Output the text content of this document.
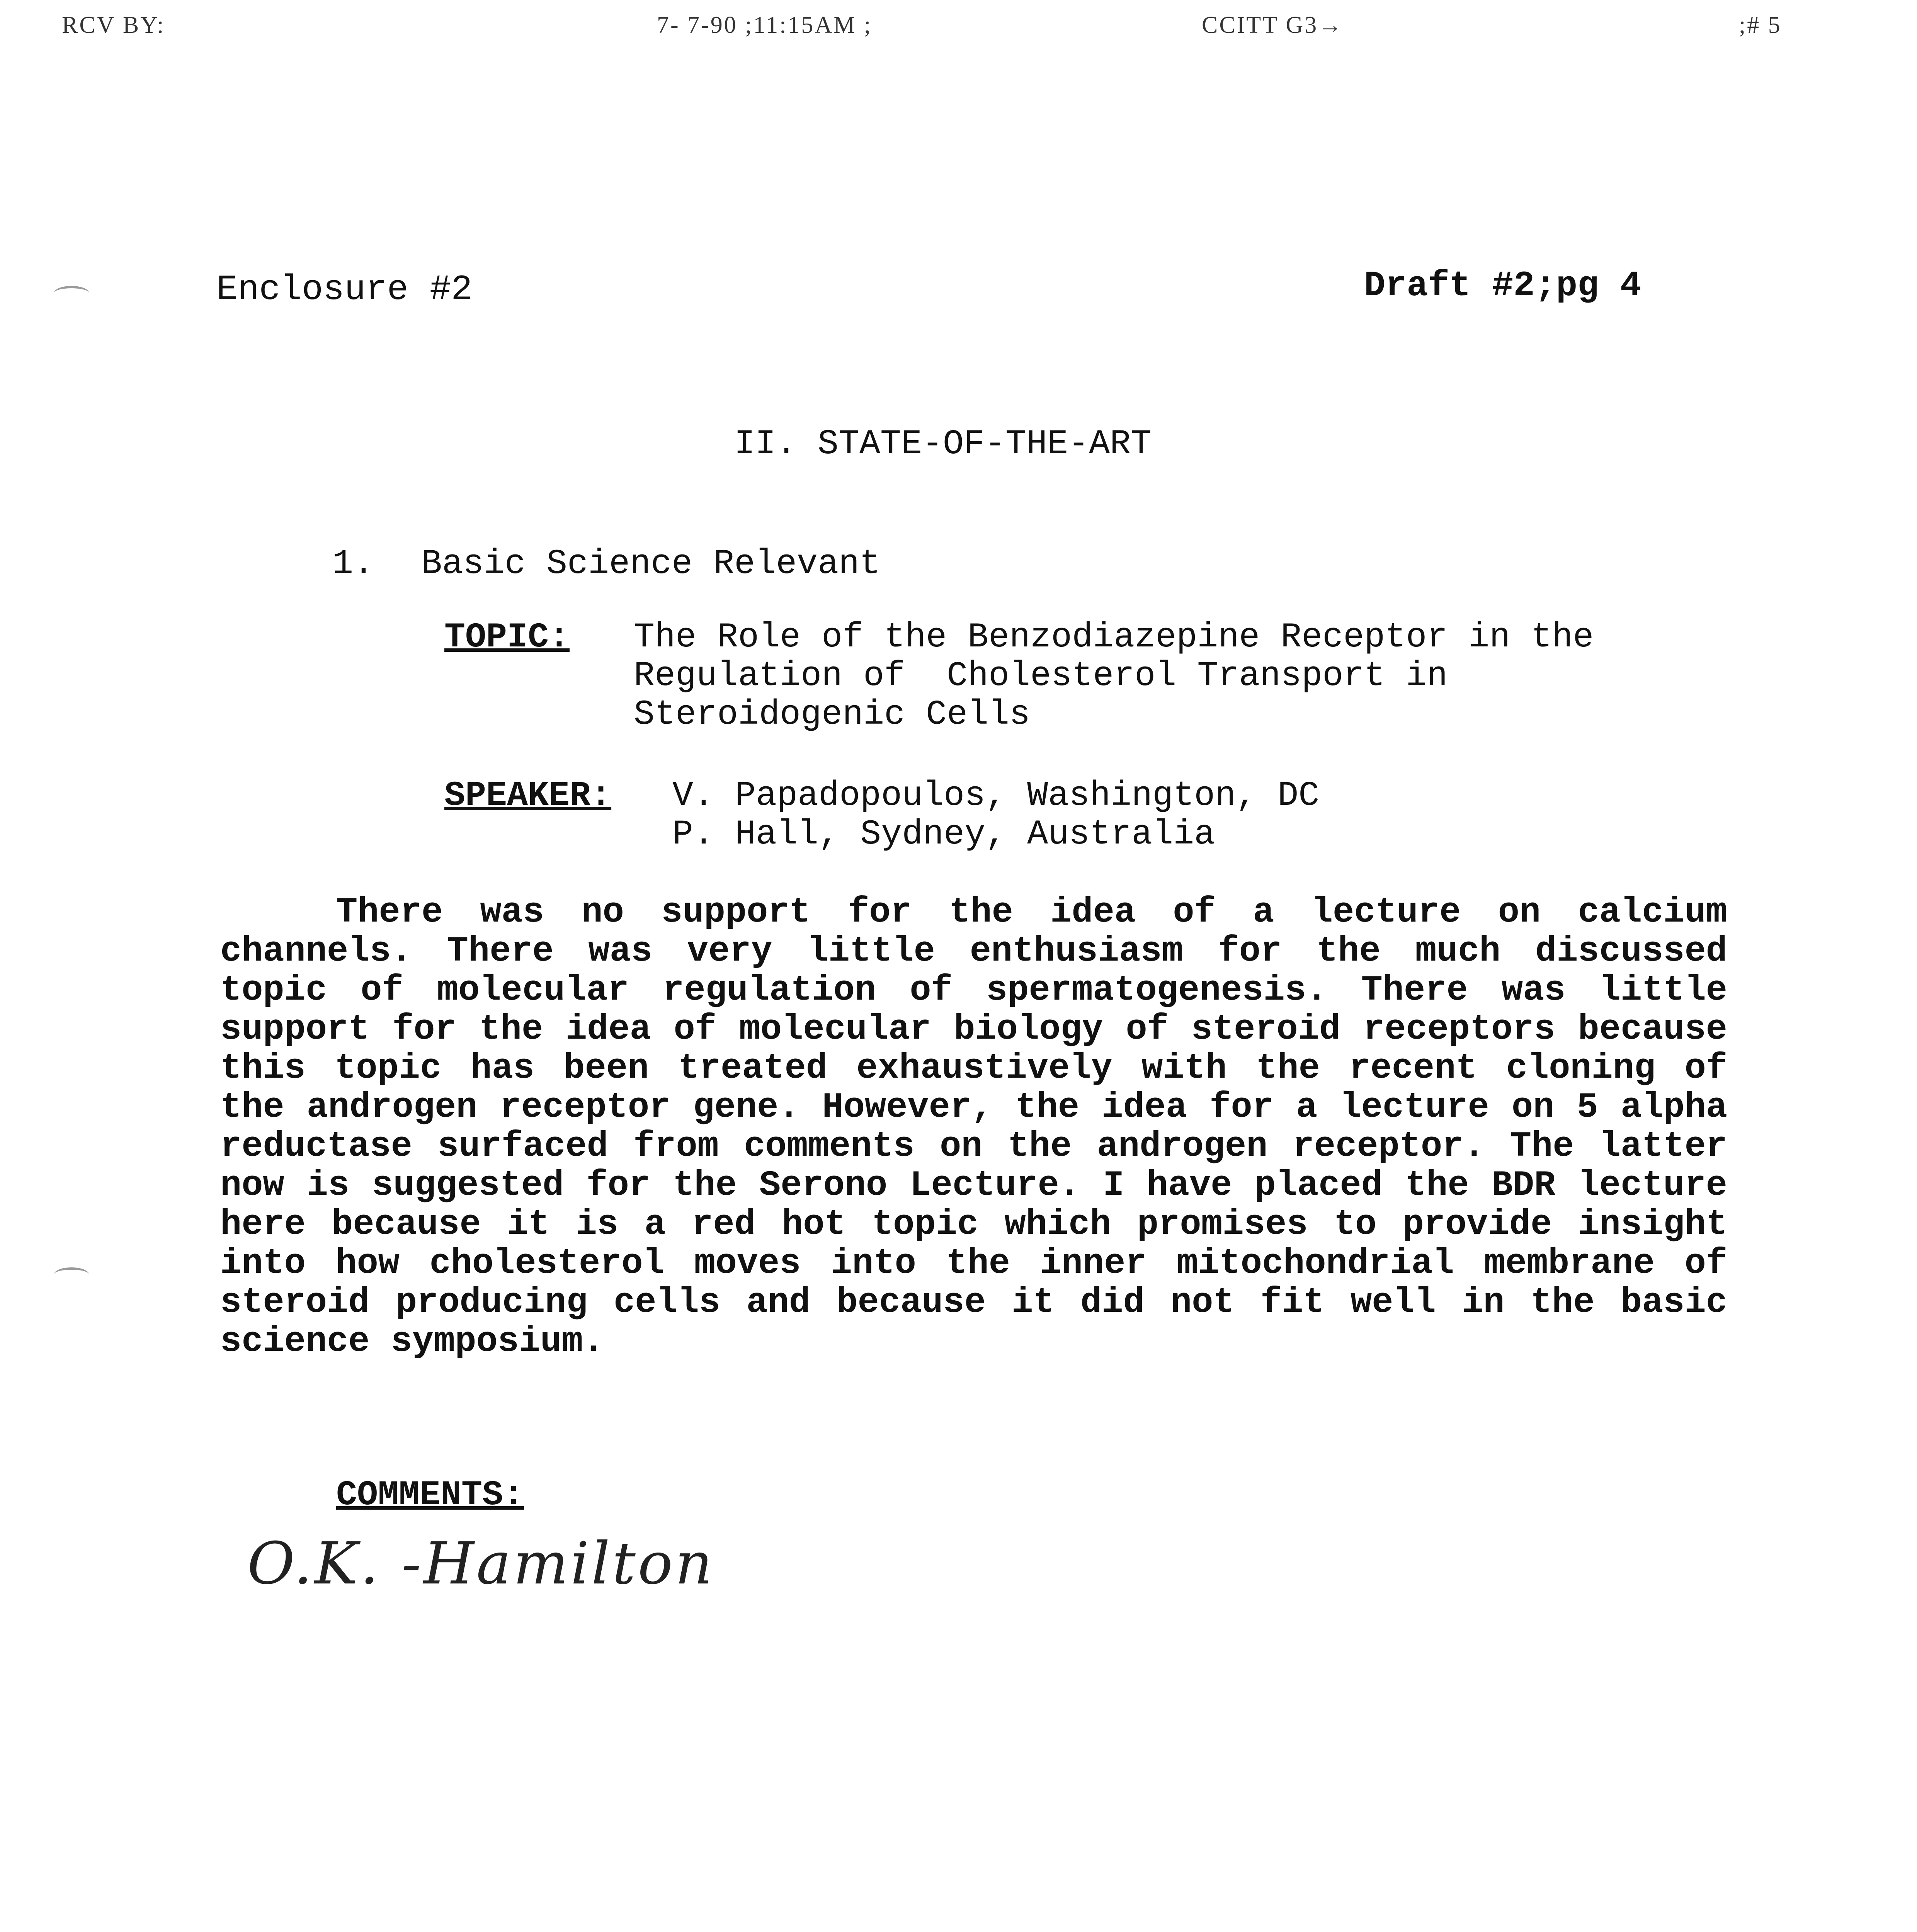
RCV BY:	7- 7-90 ;11:15AM ;	CCITT G3→	;# 5
Enclosure #2	Draft #2;pg 4
II. STATE-OF-THE-ART
1. Basic Science Relevant
TOPIC: The Role of the Benzodiazepine Receptor in the
Regulation of  Cholesterol Transport in
Steroidogenic Cells
SPEAKER: V. Papadopoulos, Washington, DC
P. Hall, Sydney, Australia

There was no support for the idea of a lecture on calcium channels. There was very little enthusiasm for the much discussed topic of molecular regulation of spermatogenesis. There was little support for the idea of molecular biology of steroid receptors because this topic has been treated exhaustively with the recent cloning of the androgen receptor gene. However, the idea for a lecture on 5 alpha reductase surfaced from comments on the androgen receptor. The latter now is suggested for the Serono Lecture. I have placed the BDR lecture here because it is a red hot topic which promises to provide insight into how cholesterol moves into the inner mitochondrial membrane of steroid producing cells and because it did not fit well in the basic science symposium.

COMMENTS:
O.K. -Hamilton
